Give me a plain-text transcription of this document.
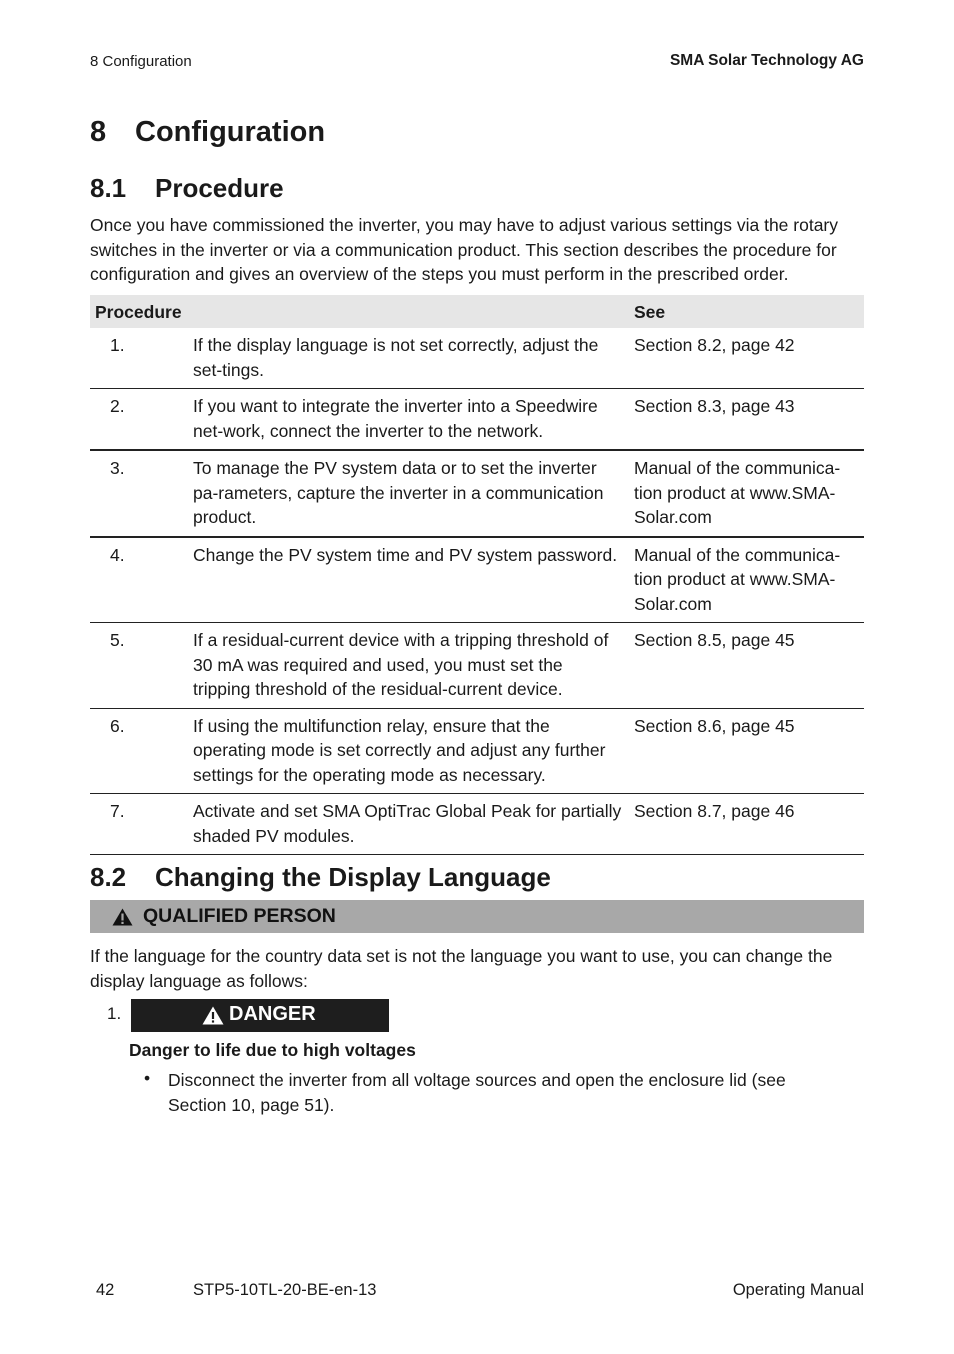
8 Configuration	SMA Solar Technology AG
8 Configuration
8.1 Procedure

Once you have commissioned the inverter, you may have to adjust various settings via the rotary switches in the inverter or via a communication product. This section describes the procedure for configuration and gives an overview of the steps you must perform in the prescribed order.

Procedure		See
1.	If the display language is not set correctly, adjust the set-tings.	Section 8.2, page 42
2.	If you want to integrate the inverter into a Speedwire net-work, connect the inverter to the network.	Section 8.3, page 43
3.	To manage the PV system data or to set the inverter pa-rameters, capture the inverter in a communication product.	Manual of the communica-tion product at www.SMA-Solar.com
4.	Change the PV system time and PV system password.	Manual of the communica-tion product at www.SMA-Solar.com
5.	If a residual-current device with a tripping threshold of 30 mA was required and used, you must set the tripping threshold of the residual-current device.	Section 8.5, page 45
6.	If using the multifunction relay, ensure that the operating mode is set correctly and adjust any further settings for the operating mode as necessary.	Section 8.6, page 45
7.	Activate and set SMA OptiTrac Global Peak for partially shaded PV modules.	Section 8.7, page 46
8.2 Changing the Display Language
QUALIFIED PERSON

If the language for the country data set is not the language you want to use, you can change the display language as follows:

1.	DANGER
Danger to life due to high voltages
• Disconnect the inverter from all voltage sources and open the enclosure lid (see Section 10, page 51).
42	STP5-10TL-20-BE-en-13	Operating Manual
